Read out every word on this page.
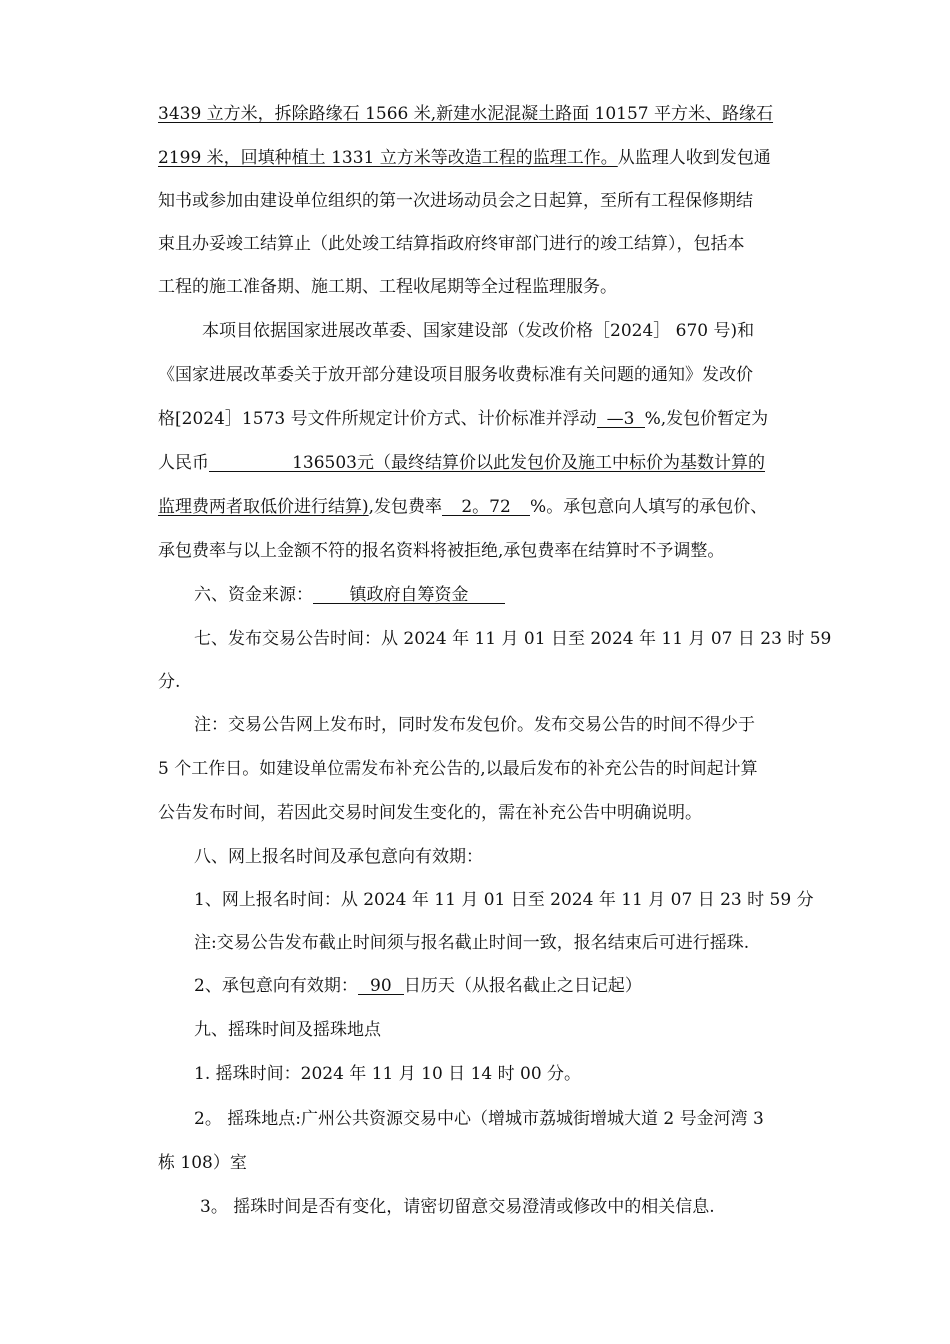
3439 立方米，拆除路缘石 1566 米,新建水泥混凝土路面 10157 平方米、路缘石
2199 米，回填种植土 1331 立方米等改造工程的监理工作。从监理人收到发包通
知书或参加由建设单位组织的第一次进场动员会之日起算，至所有工程保修期结
束且办妥竣工结算止（此处竣工结算指政府终审部门进行的竣工结算），包括本
工程的施工准备期、施工期、工程收尾期等全过程监理服务。
本项目依据国家进展改革委、国家建设部（发改价格［2024］ 670 号)和
《国家进展改革委关于放开部分建设项目服务收费标准有关问题的通知》发改价
格[2024］1573 号文件所规定计价方式、计价标准并浮动 —3 %,发包价暂定为
人民币	136503元（最终结算价以此发包价及施工中标价为基数计算的
监理费两者取低价进行结算),发包费率 2。72 %。承包意向人填写的承包价、
承包费率与以上金额不符的报名资料将被拒绝,承包费率在结算时不予调整。
六、资金来源： 镇政府自筹资金
七、发布交易公告时间：从 2024 年 11 月 01 日至 2024 年 11 月 07 日 23 时 59
分.
注：交易公告网上发布时，同时发布发包价。发布交易公告的时间不得少于
5 个工作日。如建设单位需发布补充公告的,以最后发布的补充公告的时间起计算
公告发布时间，若因此交易时间发生变化的，需在补充公告中明确说明。
八、网上报名时间及承包意向有效期：
1、网上报名时间：从 2024 年 11 月 01 日至 2024 年 11 月 07 日 23 时 59 分
注:交易公告发布截止时间须与报名截止时间一致，报名结束后可进行摇珠.
2、承包意向有效期： 90 日历天（从报名截止之日记起）
九、摇珠时间及摇珠地点
1. 摇珠时间：2024 年 11 月 10 日 14 时 00 分。
2。 摇珠地点:广州公共资源交易中心（增城市荔城街增城大道 2 号金河湾 3
栋 108）室
3。 摇珠时间是否有变化，请密切留意交易澄清或修改中的相关信息.
